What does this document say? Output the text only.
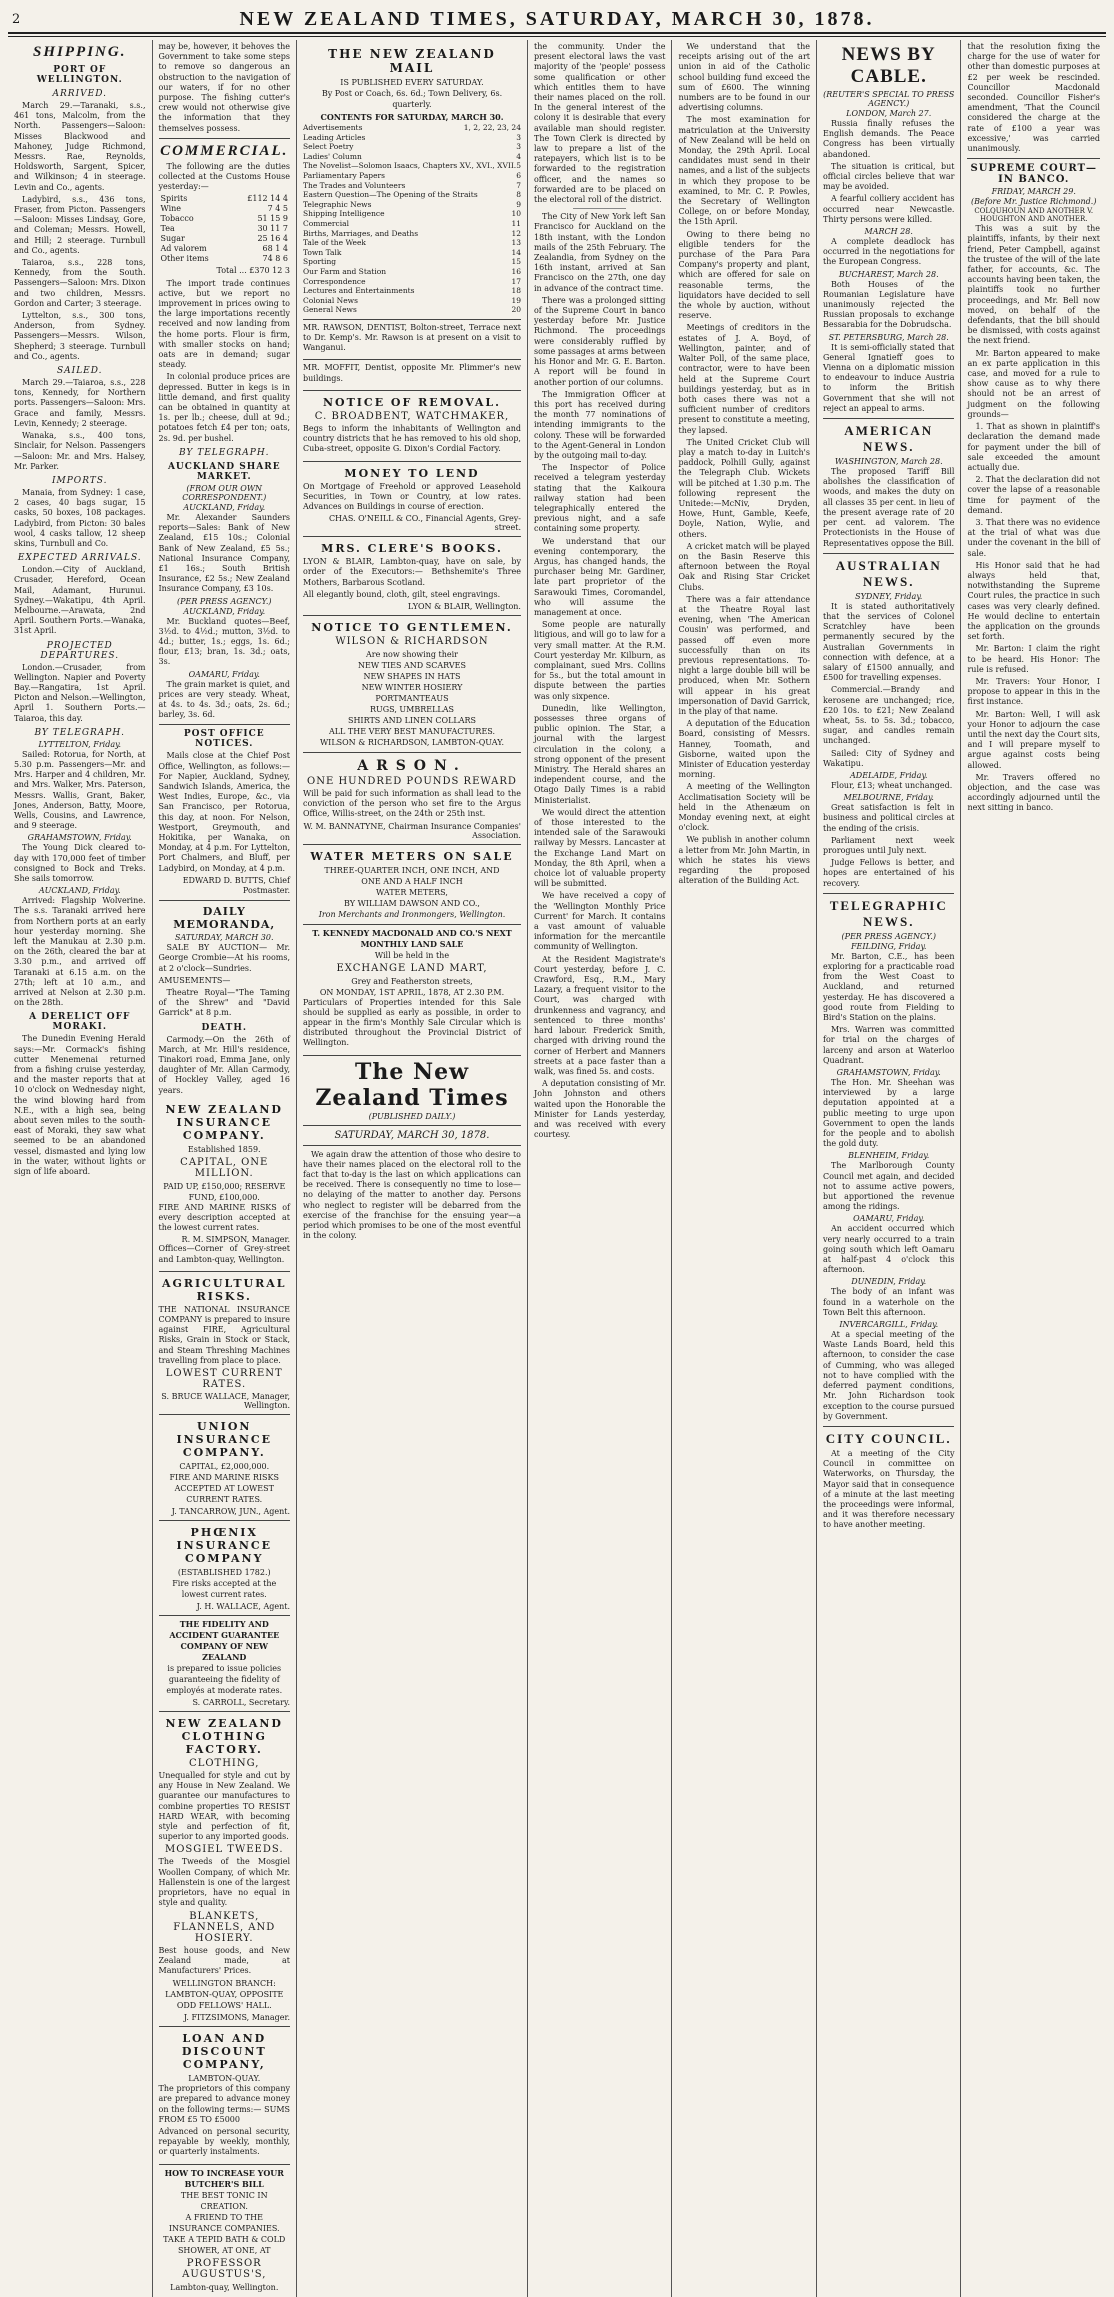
2	NEW ZEALAND TIMES, SATURDAY, MARCH 30, 1878.
SHIPPING.
PORT OF WELLINGTON.
ARRIVED.

March 29.—Taranaki, s.s., 461 tons, Malcolm, from the North. Passengers—Saloon: Misses Blackwood and Mahoney, Judge Richmond, Messrs. Rae, Reynolds, Holdsworth, Sargent, Spicer, and Wilkinson; 4 in steerage. Levin and Co., agents.

Ladybird, s.s., 436 tons, Fraser, from Picton. Passengers—Saloon: Misses Lindsay, Gore, and Coleman; Messrs. Howell, and Hill; 2 steerage. Turnbull and Co., agents.

Taiaroa, s.s., 228 tons, Kennedy, from the South. Passengers—Saloon: Mrs. Dixon and two children, Messrs. Gordon and Carter; 3 steerage.

Lyttelton, s.s., 300 tons, Anderson, from Sydney. Passengers—Messrs. Wilson, Shepherd; 3 steerage. Turnbull and Co., agents.

SAILED.

March 29.—Taiaroa, s.s., 228 tons, Kennedy, for Northern ports. Passengers—Saloon: Mrs. Grace and family, Messrs. Levin, Kennedy; 2 steerage.

Wanaka, s.s., 400 tons, Sinclair, for Nelson. Passengers—Saloon: Mr. and Mrs. Halsey, Mr. Parker.

IMPORTS.

Manaia, from Sydney: 1 case, 2 cases, 40 bags sugar, 15 casks, 50 boxes, 108 packages. Ladybird, from Picton: 30 bales wool, 4 casks tallow, 12 sheep skins, Turnbull and Co.

EXPECTED ARRIVALS.

London.—City of Auckland, Crusader, Hereford, Ocean Mail, Adamant, Hurunui. Sydney.—Wakatipu, 4th April. Melbourne.—Arawata, 2nd April. Southern Ports.—Wanaka, 31st April.

PROJECTED DEPARTURES.

London.—Crusader, from Wellington. Napier and Poverty Bay.—Rangatira, 1st April. Picton and Nelson.—Wellington, April 1. Southern Ports.—Taiaroa, this day.

BY TELEGRAPH.
LYTTELTON, Friday.

Sailed: Rotorua, for North, at 5.30 p.m. Passengers—Mr. and Mrs. Harper and 4 children, Mr. and Mrs. Walker, Mrs. Paterson, Messrs. Wallis, Grant, Baker, Jones, Anderson, Batty, Moore, Wells, Cousins, and Lawrence, and 9 steerage.

GRAHAMSTOWN, Friday.

The Young Dick cleared to-day with 170,000 feet of timber consigned to Bock and Treks. She sails tomorrow.

AUCKLAND, Friday.

Arrived: Flagship Wolverine. The s.s. Taranaki arrived here from Northern ports at an early hour yesterday morning. She left the Manukau at 2.30 p.m. on the 26th, cleared the bar at 3.30 p.m., and arrived off Taranaki at 6.15 a.m. on the 27th; left at 10 a.m., and arrived at Nelson at 2.30 p.m. on the 28th.

A DERELICT OFF MORAKI.

The Dunedin Evening Herald says:—Mr. Cormack's fishing cutter Menemenai returned from a fishing cruise yesterday, and the master reports that at 10 o'clock on Wednesday night, the wind blowing hard from N.E., with a high sea, being about seven miles to the south-east of Moraki, they saw what seemed to be an abandoned vessel, dismasted and lying low in the water, without lights or sign of life aboard.

may be, however, it behoves the Government to take some steps to remove so dangerous an obstruction to the navigation of our waters, if for no other purpose. The fishing cutter's crew would not otherwise give the information that they themselves possess.

COMMERCIAL.

The following are the duties collected at the Customs House yesterday:—

Spirits	£112 14 4
Wine	7 4 5
Tobacco	51 15 9
Tea	30 11 7
Sugar	25 16 4
Ad valorem	68 1 4
Other items	74 8 6

Total ... £370 12 3

The import trade continues active, but we report no improvement in prices owing to the large importations recently received and now landing from the home ports. Flour is firm, with smaller stocks on hand; oats are in demand; sugar steady.

In colonial produce prices are depressed. Butter in kegs is in little demand, and first quality can be obtained in quantity at 1s. per lb.; cheese, dull at 9d.; potatoes fetch £4 per ton; oats, 2s. 9d. per bushel.

BY TELEGRAPH.
AUCKLAND SHARE MARKET.
(FROM OUR OWN CORRESPONDENT.)
AUCKLAND, Friday.

Mr. Alexander Saunders reports—Sales: Bank of New Zealand, £15 10s.; Colonial Bank of New Zealand, £5 5s.; National Insurance Company, £1 16s.; South British Insurance, £2 5s.; New Zealand Insurance Company, £3 10s.

(PER PRESS AGENCY.)
AUCKLAND, Friday.

Mr. Buckland quotes—Beef, 3½d. to 4½d.; mutton, 3½d. to 4d.; butter, 1s.; eggs, 1s. 6d.; flour, £13; bran, 1s. 3d.; oats, 3s.

OAMARU, Friday.

The grain market is quiet, and prices are very steady. Wheat, at 4s. to 4s. 3d.; oats, 2s. 6d.; barley, 3s. 6d.

POST OFFICE NOTICES.

Mails close at the Chief Post Office, Wellington, as follows:—For Napier, Auckland, Sydney, Sandwich Islands, America, the West Indies, Europe, &c., via San Francisco, per Rotorua, this day, at noon. For Nelson, Westport, Greymouth, and Hokitika, per Wanaka, on Monday, at 4 p.m. For Lyttelton, Port Chalmers, and Bluff, per Ladybird, on Monday, at 4 p.m.

EDWARD D. BUTTS, Chief Postmaster.

DAILY MEMORANDA,
SATURDAY, MARCH 30.

SALE BY AUCTION— Mr. George Crombie—At his rooms, at 2 o'clock—Sundries.

AMUSEMENTS—

Theatre Royal—"The Taming of the Shrew" and "David Garrick" at 8 p.m.

DEATH.

Carmody.—On the 26th of March, at Mr. Hill's residence, Tinakori road, Emma Jane, only daughter of Mr. Allan Carmody, of Hockley Valley, aged 16 years.

NEW ZEALAND INSURANCE COMPANY.
Established 1859.
CAPITAL, ONE MILLION.
PAID UP, £150,000; RESERVE FUND, £100,000.

FIRE AND MARINE RISKS of every description accepted at the lowest current rates.

R. M. SIMPSON, Manager.

Offices—Corner of Grey-street and Lambton-quay, Wellington.

AGRICULTURAL RISKS.

THE NATIONAL INSURANCE COMPANY is prepared to insure against FIRE, Agricultural Risks, Grain in Stock or Stack, and Steam Threshing Machines travelling from place to place.

LOWEST CURRENT RATES.
S. BRUCE WALLACE, Manager, Wellington.
UNION INSURANCE COMPANY.
CAPITAL, £2,000,000.
FIRE AND MARINE RISKS ACCEPTED AT LOWEST CURRENT RATES.
J. TANCARROW, JUN., Agent.
PHŒNIX INSURANCE COMPANY
(ESTABLISHED 1782.)
Fire risks accepted at the lowest current rates.
J. H. WALLACE, Agent.
THE FIDELITY AND ACCIDENT GUARANTEE COMPANY OF NEW ZEALAND
is prepared to issue policies guaranteeing the fidelity of employés at moderate rates.
S. CARROLL, Secretary.
NEW ZEALAND CLOTHING FACTORY.
CLOTHING,

Unequalled for style and cut by any House in New Zealand. We guarantee our manufactures to combine properties TO RESIST HARD WEAR, with becoming style and perfection of fit, superior to any imported goods.

MOSGIEL TWEEDS.

The Tweeds of the Mosgiel Woollen Company, of which Mr. Hallenstein is one of the largest proprietors, have no equal in style and quality.

BLANKETS, FLANNELS, AND HOSIERY.

Best house goods, and New Zealand made, at Manufacturers' Prices.

WELLINGTON BRANCH: LAMBTON-QUAY, OPPOSITE ODD FELLOWS' HALL.
J. FITZSIMONS, Manager.
LOAN AND DISCOUNT COMPANY,
LAMBTON-QUAY.

The proprietors of this company are prepared to advance money on the following terms:— SUMS FROM £5 TO £5000

Advanced on personal security, repayable by weekly, monthly, or quarterly instalments.

HOW TO INCREASE YOUR BUTCHER'S BILL
THE BEST TONIC IN CREATION.
A FRIEND TO THE INSURANCE COMPANIES. TAKE A TEPID BATH & COLD SHOWER, AT ONE, AT
PROFESSOR AUGUSTUS'S,
Lambton-quay, Wellington.
THE NEW ZEALAND MAIL
IS PUBLISHED EVERY SATURDAY.
By Post or Coach, 6s. 6d.; Town Delivery, 6s. quarterly.
CONTENTS FOR SATURDAY, MARCH 30.
Advertisements	1, 2, 22, 23, 24
Leading Articles	3
Select Poetry	3
Ladies' Column	4
The Novelist—Solomon Isaacs, Chapters XV., XVI., XVII. 5
Parliamentary Papers	6
The Trades and Volunteers	7
Eastern Question—The Opening of the Straits	8
Telegraphic News	9
Shipping Intelligence	10
Commercial	11
Births, Marriages, and Deaths	12
Tale of the Week	13
Town Talk	14
Sporting	15
Our Farm and Station	16
Correspondence	17
Lectures and Entertainments	18
Colonial News	19
General News	20

MR. RAWSON, DENTIST, Bolton-street, Terrace next to Dr. Kemp's. Mr. Rawson is at present on a visit to Wanganui.

MR. MOFFIT, Dentist, opposite Mr. Plimmer's new buildings.

NOTICE OF REMOVAL.
C. BROADBENT, WATCHMAKER,

Begs to inform the inhabitants of Wellington and country districts that he has removed to his old shop, Cuba-street, opposite G. Dixon's Cordial Factory.

MONEY TO LEND

On Mortgage of Freehold or approved Leasehold Securities, in Town or Country, at low rates. Advances on Buildings in course of erection.

CHAS. O'NEILL & CO., Financial Agents, Grey-street.
MRS. CLERE'S BOOKS.

LYON & BLAIR, Lambton-quay, have on sale, by order of the Executors:— Bethshemite's Three Mothers, Barbarous Scotland.

All elegantly bound, cloth, gilt, steel engravings.

LYON & BLAIR, Wellington.
NOTICE TO GENTLEMEN.
WILSON & RICHARDSON
Are now showing their
NEW TIES AND SCARVES
NEW SHAPES IN HATS
NEW WINTER HOSIERY
PORTMANTEAUS
RUGS, UMBRELLAS
SHIRTS AND LINEN COLLARS
ALL THE VERY BEST MANUFACTURES.
WILSON & RICHARDSON, LAMBTON-QUAY.
ARSON.
ONE HUNDRED POUNDS REWARD

Will be paid for such information as shall lead to the conviction of the person who set fire to the Argus Office, Willis-street, on the 24th or 25th inst.

W. M. BANNATYNE, Chairman Insurance Companies' Association.
WATER METERS ON SALE
THREE-QUARTER INCH, ONE INCH, AND
ONE AND A HALF INCH
WATER METERS,
BY WILLIAM DAWSON AND CO.,
Iron Merchants and Ironmongers, Wellington.
T. KENNEDY MACDONALD AND CO.'S NEXT MONTHLY LAND SALE
Will be held in the
EXCHANGE LAND MART,
Grey and Featherston streets,
ON MONDAY, 1ST APRIL, 1878, AT 2.30 P.M.

Particulars of Properties intended for this Sale should be supplied as early as possible, in order to appear in the firm's Monthly Sale Circular which is distributed throughout the Provincial District of Wellington.

The New Zealand Times
(PUBLISHED DAILY.)
SATURDAY, MARCH 30, 1878.

We again draw the attention of those who desire to have their names placed on the electoral roll to the fact that to-day is the last on which applications can be received. There is consequently no time to lose—no delaying of the matter to another day. Persons who neglect to register will be debarred from the exercise of the franchise for the ensuing year—a period which promises to be one of the most eventful in the colony.

the community. Under the present electoral laws the vast majority of the 'people' possess some qualification or other which entitles them to have their names placed on the roll. In the general interest of the colony it is desirable that every available man should register. The Town Clerk is directed by law to prepare a list of the ratepayers, which list is to be forwarded to the registration officer, and the names so forwarded are to be placed on the electoral roll of the district.

The City of New York left San Francisco for Auckland on the 18th instant, with the London mails of the 25th February. The Zealandia, from Sydney on the 16th instant, arrived at San Francisco on the 27th, one day in advance of the contract time.

There was a prolonged sitting of the Supreme Court in banco yesterday before Mr. Justice Richmond. The proceedings were considerably ruffled by some passages at arms between his Honor and Mr. G. E. Barton. A report will be found in another portion of our columns.

The Immigration Officer at this port has received during the month 77 nominations of intending immigrants to the colony. These will be forwarded to the Agent-General in London by the outgoing mail to-day.

The Inspector of Police received a telegram yesterday stating that the Kaikoura railway station had been telegraphically entered the previous night, and a safe containing some property.

We understand that our evening contemporary, the Argus, has changed hands, the purchaser being Mr. Gardiner, late part proprietor of the Sarawouki Times, Coromandel, who will assume the management at once.

Some people are naturally litigious, and will go to law for a very small matter. At the R.M. Court yesterday Mr. Kilburn, as complainant, sued Mrs. Collins for 5s., but the total amount in dispute between the parties was only sixpence.

Dunedin, like Wellington, possesses three organs of public opinion. The Star, a journal with the largest circulation in the colony, a strong opponent of the present Ministry. The Herald shares an independent course, and the Otago Daily Times is a rabid Ministerialist.

We would direct the attention of those interested to the intended sale of the Sarawouki railway by Messrs. Lancaster at the Exchange Land Mart on Monday, the 8th April, when a choice lot of valuable property will be submitted.

We have received a copy of the 'Wellington Monthly Price Current' for March. It contains a vast amount of valuable information for the mercantile community of Wellington.

At the Resident Magistrate's Court yesterday, before J. C. Crawford, Esq., R.M., Mary Lazary, a frequent visitor to the Court, was charged with drunkenness and vagrancy, and sentenced to three months' hard labour. Frederick Smith, charged with driving round the corner of Herbert and Manners streets at a pace faster than a walk, was fined 5s. and costs.

A deputation consisting of Mr. John Johnston and others waited upon the Honorable the Minister for Lands yesterday, and was received with every courtesy.

We understand that the receipts arising out of the art union in aid of the Catholic school building fund exceed the sum of £600. The winning numbers are to be found in our advertising columns.

The most examination for matriculation at the University of New Zealand will be held on Monday, the 29th April. Local candidates must send in their names, and a list of the subjects in which they propose to be examined, to Mr. C. P. Powles, the Secretary of Wellington College, on or before Monday, the 15th April.

Owing to there being no eligible tenders for the purchase of the Para Para Company's property and plant, which are offered for sale on reasonable terms, the liquidators have decided to sell the whole by auction, without reserve.

Meetings of creditors in the estates of J. A. Boyd, of Wellington, painter, and of Walter Poll, of the same place, contractor, were to have been held at the Supreme Court buildings yesterday, but as in both cases there was not a sufficient number of creditors present to constitute a meeting, they lapsed.

The United Cricket Club will play a match to-day in Luitch's paddock, Polhill Gully, against the Telegraph Club. Wickets will be pitched at 1.30 p.m. The following represent the Unitede:—McNiv, Dryden, Howe, Hunt, Gamble, Keefe, Doyle, Nation, Wylie, and others.

A cricket match will be played on the Basin Reserve this afternoon between the Royal Oak and Rising Star Cricket Clubs.

There was a fair attendance at the Theatre Royal last evening, when 'The American Cousin' was performed, and passed off even more successfully than on its previous representations. To-night a large double bill will be produced, when Mr. Sothern will appear in his great impersonation of David Garrick, in the play of that name.

A deputation of the Education Board, consisting of Messrs. Hanney, Toomath, and Gisborne, waited upon the Minister of Education yesterday morning.

A meeting of the Wellington Acclimatisation Society will be held in the Athenæum on Monday evening next, at eight o'clock.

We publish in another column a letter from Mr. John Martin, in which he states his views regarding the proposed alteration of the Building Act.

NEWS BY CABLE.
(REUTER'S SPECIAL TO PRESS AGENCY.)
LONDON, March 27.

Russia finally refuses the English demands. The Peace Congress has been virtually abandoned.

The situation is critical, but official circles believe that war may be avoided.

A fearful colliery accident has occurred near Newcastle. Thirty persons were killed.

MARCH 28.

A complete deadlock has occurred in the negotiations for the European Congress.

BUCHAREST, March 28.

Both Houses of the Roumanian Legislature have unanimously rejected the Russian proposals to exchange Bessarabia for the Dobrudscha.

ST. PETERSBURG, March 28.

It is semi-officially stated that General Ignatieff goes to Vienna on a diplomatic mission to endeavour to induce Austria to inform the British Government that she will not reject an appeal to arms.

AMERICAN NEWS.
WASHINGTON, March 28.

The proposed Tariff Bill abolishes the classification of woods, and makes the duty on all classes 35 per cent. in lieu of the present average rate of 20 per cent. ad valorem. The Protectionists in the House of Representatives oppose the Bill.

AUSTRALIAN NEWS.
SYDNEY, Friday.

It is stated authoritatively that the services of Colonel Scratchley have been permanently secured by the Australian Governments in connection with defence, at a salary of £1500 annually, and £500 for travelling expenses.

Commercial.—Brandy and kerosene are unchanged; rice, £20 10s. to £21; New Zealand wheat, 5s. to 5s. 3d.; tobacco, sugar, and candles remain unchanged.

Sailed: City of Sydney and Wakatipu.

ADELAIDE, Friday.

Flour, £13; wheat unchanged.

MELBOURNE, Friday.

Great satisfaction is felt in business and political circles at the ending of the crisis.

Parliament next week prorogues until July next.

Judge Fellows is better, and hopes are entertained of his recovery.

TELEGRAPHIC NEWS.
(PER PRESS AGENCY.)
FEILDING, Friday.

Mr. Barton, C.E., has been exploring for a practicable road from the West Coast to Auckland, and returned yesterday. He has discovered a good route from Fielding to Bird's Station on the plains.

Mrs. Warren was committed for trial on the charges of larceny and arson at Waterloo Quadrant.

GRAHAMSTOWN, Friday.

The Hon. Mr. Sheehan was interviewed by a large deputation appointed at a public meeting to urge upon Government to open the lands for the people and to abolish the gold duty.

BLENHEIM, Friday.

The Marlborough County Council met again, and decided not to assume active powers, but apportioned the revenue among the ridings.

OAMARU, Friday.

An accident occurred which very nearly occurred to a train going south which left Oamaru at half-past 4 o'clock this afternoon.

DUNEDIN, Friday.

The body of an infant was found in a waterhole on the Town Belt this afternoon.

INVERCARGILL, Friday.

At a special meeting of the Waste Lands Board, held this afternoon, to consider the case of Cumming, who was alleged not to have complied with the deferred payment conditions, Mr. John Richardson took exception to the course pursued by Government.

CITY COUNCIL.

At a meeting of the City Council in committee on Waterworks, on Thursday, the Mayor said that in consequence of a minute at the last meeting the proceedings were informal, and it was therefore necessary to have another meeting.

that the resolution fixing the charge for the use of water for other than domestic purposes at £2 per week be rescinded. Councillor Macdonald seconded. Councillor Fisher's amendment, 'That the Council considered the charge at the rate of £100 a year was excessive,' was carried unanimously.

SUPREME COURT—IN BANCO.
FRIDAY, MARCH 29.
(Before Mr. Justice Richmond.)
COLQUHOUN AND ANOTHER V. HOUGHTON AND ANOTHER.

This was a suit by the plaintiffs, infants, by their next friend, Peter Campbell, against the trustee of the will of the late father, for accounts, &c. The accounts having been taken, the plaintiffs took no further proceedings, and Mr. Bell now moved, on behalf of the defendants, that the bill should be dismissed, with costs against the next friend.

Mr. Barton appeared to make an ex parte application in this case, and moved for a rule to show cause as to why there should not be an arrest of judgment on the following grounds—

1. That as shown in plaintiff's declaration the demand made for payment under the bill of sale exceeded the amount actually due.

2. That the declaration did not cover the lapse of a reasonable time for payment of the demand.

3. That there was no evidence at the trial of what was due under the covenant in the bill of sale.

His Honor said that he had always held that, notwithstanding the Supreme Court rules, the practice in such cases was very clearly defined. He would decline to entertain the application on the grounds set forth.

Mr. Barton: I claim the right to be heard. His Honor: The rule is refused.

Mr. Travers: Your Honor, I propose to appear in this in the first instance.

Mr. Barton: Well, I will ask your Honor to adjourn the case until the next day the Court sits, and I will prepare myself to argue against costs being allowed.

Mr. Travers offered no objection, and the case was accordingly adjourned until the next sitting in banco.
